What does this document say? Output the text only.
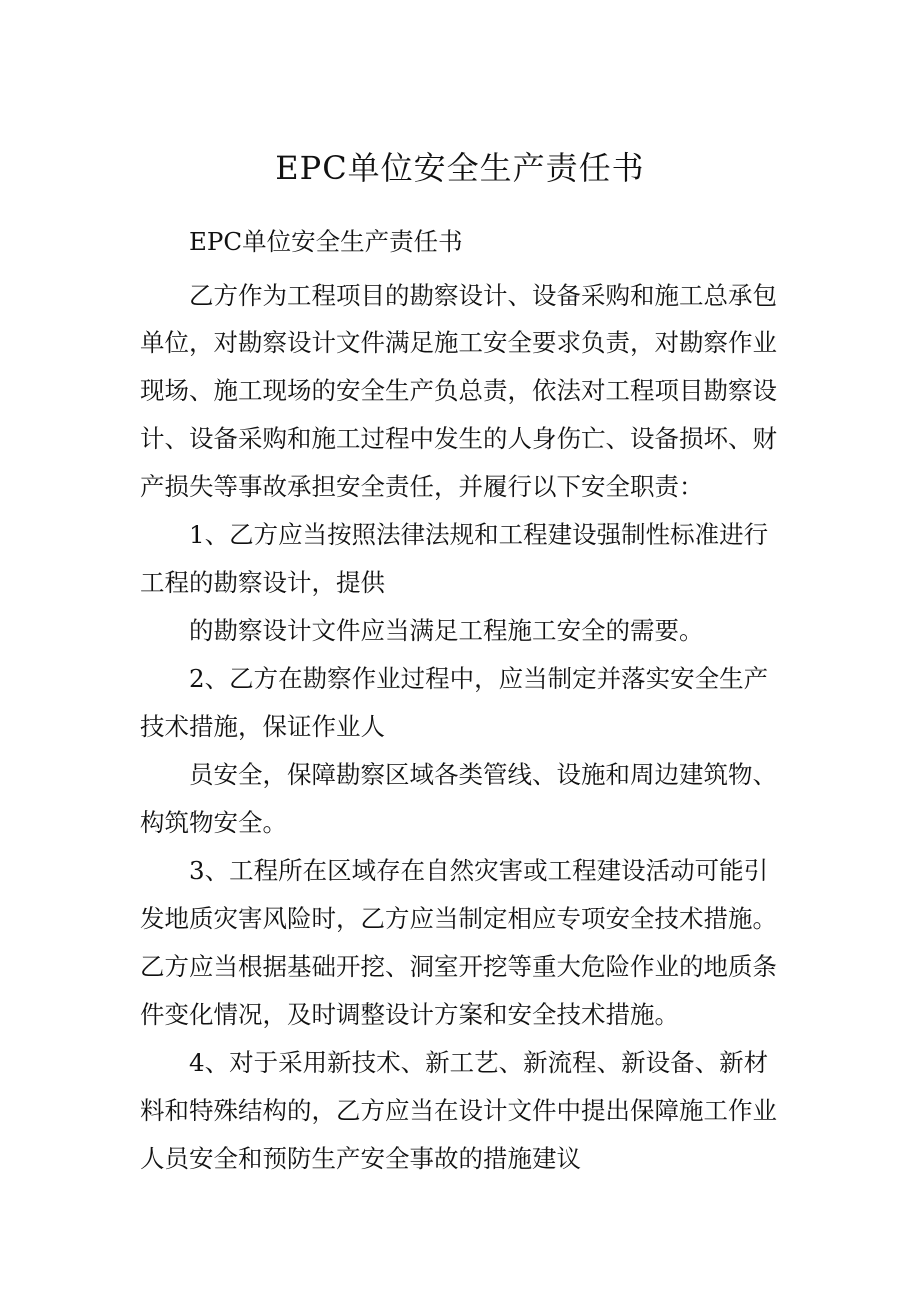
EPC单位安全生产责任书

EPC单位安全生产责任书

乙方作为工程项目的勘察设计、设备采购和施工总承包

单位，对勘察设计文件满足施工安全要求负责，对勘察作业

现场、施工现场的安全生产负总责，依法对工程项目勘察设

计、设备采购和施工过程中发生的人身伤亡、设备损坏、财

产损失等事故承担安全责任，并履行以下安全职责：

1、乙方应当按照法律法规和工程建设强制性标准进行

工程的勘察设计，提供

的勘察设计文件应当满足工程施工安全的需要。

2、乙方在勘察作业过程中，应当制定并落实安全生产

技术措施，保证作业人

员安全，保障勘察区域各类管线、设施和周边建筑物、

构筑物安全。

3、工程所在区域存在自然灾害或工程建设活动可能引

发地质灾害风险时，乙方应当制定相应专项安全技术措施。

乙方应当根据基础开挖、洞室开挖等重大危险作业的地质条

件变化情况，及时调整设计方案和安全技术措施。

4、对于采用新技术、新工艺、新流程、新设备、新材

料和特殊结构的，乙方应当在设计文件中提出保障施工作业

人员安全和预防生产安全事故的措施建议
